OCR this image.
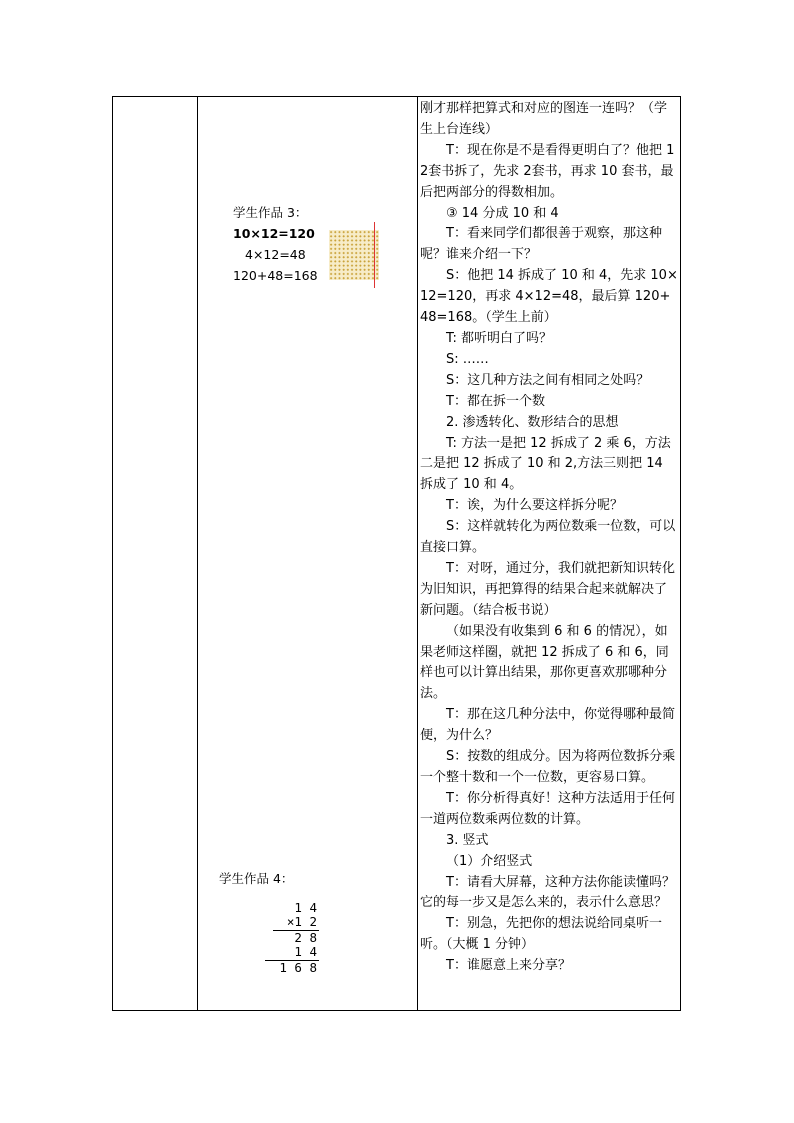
学生作品 3：
10×12=120
4×12=48
120+48=168
学生作品 4：
1 4
×1 2
2 8
1 4
1 6 8

刚才那样把算式和对应的图连一连吗？（学生上台连线）

T：现在你是不是看得更明白了？他把 12套书拆了，先求 2套书，再求 10 套书，最后把两部分的得数相加。

③ 14 分成 10 和 4

T：看来同学们都很善于观察，那这种呢？谁来介绍一下？

S：他把 14 拆成了 10 和 4，先求 10×12=120，再求 4×12=48，最后算 120+48=168。（学生上前）

T: 都听明白了吗？

S: ……

S：这几种方法之间有相同之处吗？

T：都在拆一个数

2. 渗透转化、数形结合的思想

T: 方法一是把 12 拆成了 2 乘 6，方法二是把 12 拆成了 10 和 2,方法三则把 14 拆成了 10 和 4。

T：诶，为什么要这样拆分呢？

S：这样就转化为两位数乘一位数，可以直接口算。

T：对呀，通过分，我们就把新知识转化为旧知识，再把算得的结果合起来就解决了新问题。（结合板书说）

（如果没有收集到 6 和 6 的情况），如果老师这样圈，就把 12 拆成了 6 和 6，同样也可以计算出结果，那你更喜欢那哪种分法。

T：那在这几种分法中，你觉得哪种最简便，为什么？

S：按数的组成分。因为将两位数拆分乘一个整十数和一个一位数，更容易口算。

T：你分析得真好！这种方法适用于任何一道两位数乘两位数的计算。

3. 竖式

（1）介绍竖式

T：请看大屏幕，这种方法你能读懂吗？它的每一步又是怎么来的，表示什么意思？

T：别急，先把你的想法说给同桌听一听。（大概 1 分钟）

T：谁愿意上来分享？
